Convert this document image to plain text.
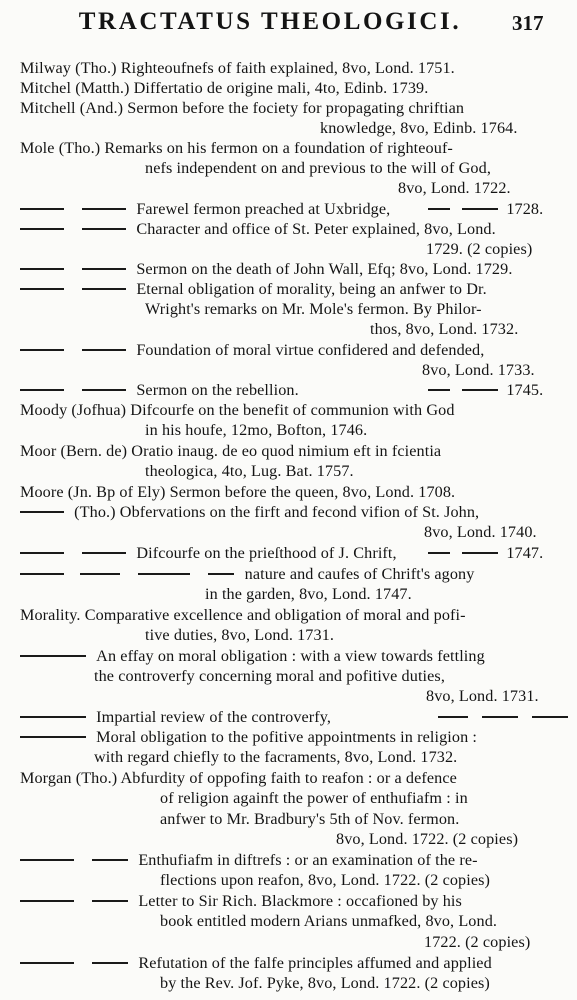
TRACTATUS THEOLOGICI.	317
Milway (Tho.) Righteoufnefs of faith explained, 8vo, Lond. 1751.
Mitchel (Matth.) Differtatio de origine mali, 4to, Edinb. 1739.
Mitchell (And.) Sermon before the fociety for propagating chriftian
knowledge, 8vo, Edinb. 1764.
Mole (Tho.) Remarks on his fermon on a foundation of righteouf-
nefs independent on and previous to the will of God,
8vo, Lond. 1722.
Farewel fermon preached at Uxbridge,	1728.
Character and office of St. Peter explained, 8vo, Lond.
1729. (2 copies)
Sermon on the death of John Wall, Efq; 8vo, Lond. 1729.
Eternal obligation of morality, being an anfwer to Dr.
Wright's remarks on Mr. Mole's fermon. By Philor-
thos, 8vo, Lond. 1732.
Foundation of moral virtue confidered and defended,
8vo, Lond. 1733.
Sermon on the rebellion.	1745.
Moody (Jofhua) Difcourfe on the benefit of communion with God
in his houfe, 12mo, Bofton, 1746.
Moor (Bern. de) Oratio inaug. de eo quod nimium eft in fcientia
theologica, 4to, Lug. Bat. 1757.
Moore (Jn. Bp of Ely) Sermon before the queen, 8vo, Lond. 1708.
(Tho.) Obfervations on the firft and fecond vifion of St. John,
8vo, Lond. 1740.
Difcourfe on the prieſthood of J. Chrift,	1747.
nature and caufes of Chrift's agony
in the garden, 8vo, Lond. 1747.
Morality. Comparative excellence and obligation of moral and pofi-
tive duties, 8vo, Lond. 1731.
An effay on moral obligation : with a view towards fettling
the controverfy concerning moral and pofitive duties,
8vo, Lond. 1731.
Impartial review of the controverfy,

Moral obligation to the pofitive appointments in religion :
with regard chiefly to the facraments, 8vo, Lond. 1732.
Morgan (Tho.) Abfurdity of oppofing faith to reafon : or a defence
of religion againft the power of enthufiafm : in
anfwer to Mr. Bradbury's 5th of Nov. fermon.
8vo, Lond. 1722. (2 copies)
Enthufiafm in diftrefs : or an examination of the re-
flections upon reafon, 8vo, Lond. 1722. (2 copies)
Letter to Sir Rich. Blackmore : occafioned by his
book entitled modern Arians unmafked, 8vo, Lond.
1722. (2 copies)
Refutation of the falfe principles affumed and applied
by the Rev. Jof. Pyke, 8vo, Lond. 1722. (2 copies)
